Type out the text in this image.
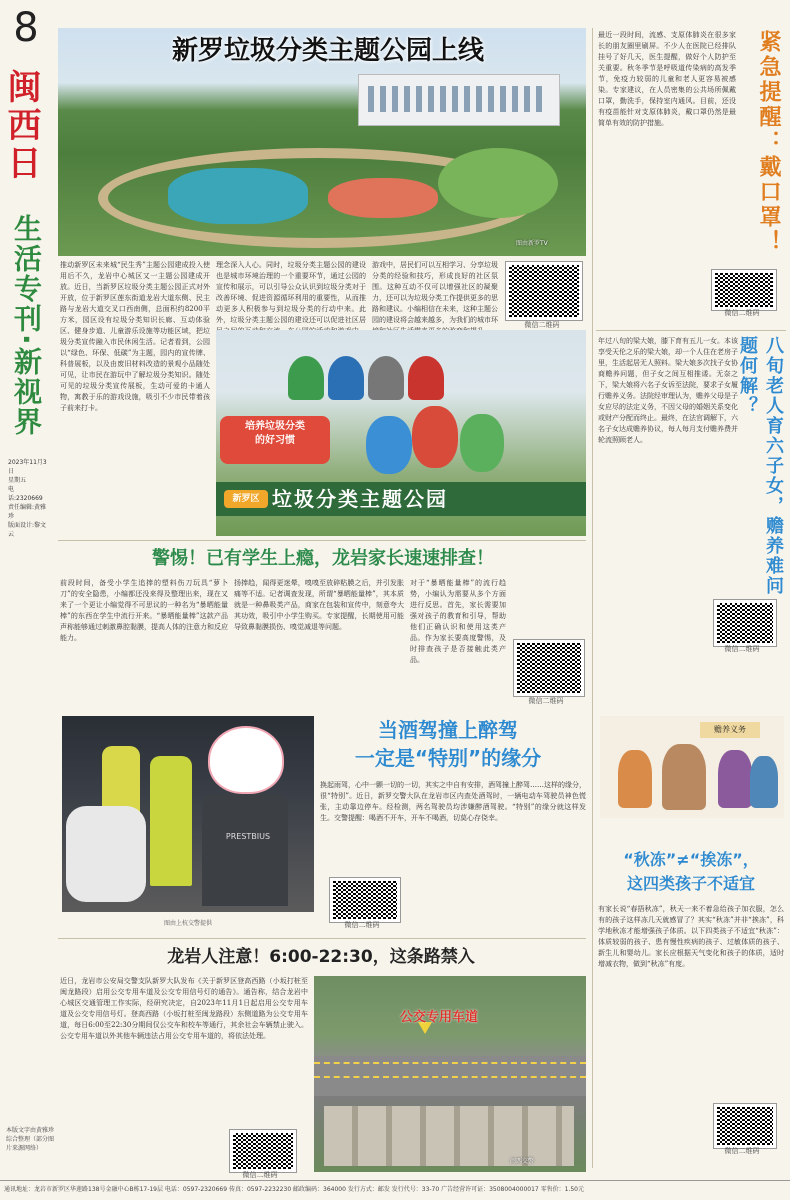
8
闽西日
生活专刊·新视界
2023年11月3日
星期五
电话:2320669
责任编辑:黄雅珍
版面设计:黎文云
新罗垃圾分类主题公园上线
图由新罗TV
推动新罗区未来城“民生秀”主题公园建成投入使用后不久，龙岩中心城区又一主题公园建成开放。近日，当新罗区垃圾分类主题公园正式对外开放，位于新罗区莲东街道龙岩大道东侧、民主路与龙岩大道交叉口西南侧，总面积约8200平方米，园区设有垃圾分类知识长廊、互动体验区、健身步道、儿童游乐设施等功能区域，把垃圾分类宣传融入市民休闲生活。记者看到，公园以“绿色、环保、低碳”为主题，园内的宣传牌、科普展板，以及由废旧材料改造的景观小品随处可见，让市民在游玩中了解垃圾分类知识。随处可见的垃圾分类宣传展板，生动可爱的卡通人物，寓教于乐的游戏设施，吸引不少市民带着孩子前来打卡。
理念深入人心。同时，垃圾分类主题公园的建设也是城市环境治理的一个重要环节，通过公园的宣传和展示，可以引导公众认识到垃圾分类对于改善环境、促进资源循环利用的重要性，从而推动更多人积极参与到垃圾分类的行动中来。此外，垃圾分类主题公园的建设还可以促进社区居
游戏中，居民们可以互相学习、分享垃圾分类的经验和技巧，形成良好的社区氛围。这种互动不仅可以增强社区的凝聚力，还可以为垃圾分类工作提供更多的思路和建议。小编相信在未来，这种主题公园的建设将会越来越多，为我们的城市环
微信二维码
培养垃圾分类
的好习惯
新罗区 垃圾分类主题公园
警惕！已有学生上瘾，龙岩家长速速排查！
前段时间，备受小学生追捧的塑料伤刀玩具“萝卜刀”的安全隐患，小编都还没来得及整理出来，现在又来了一个更让小编觉得不可思议的一种名为“暴晒能量棒”的东西在学生中流行开来。“暴晒能量棒”这款产品声称能够通过刺激鼻腔黏膜，提高人体的注意力和反应能力。
扬捧趋，闻得更迷晕，嗅嗅至放碎粘膜之后，并引发胀痛等不适。记者调查发现，所谓“暴晒能量棒”，其本质就是一种鼻吸类产品，商家在包装和宣传中，刻意夸大其功效，吸引中小学生购买。专家提醒，长期使用可能导致鼻黏膜损伤、嗅觉减退等问题。
对于“暴晒能量棒”的流行趋势，小编认为需要从多个方面进行反思。首先，家长需要加强对孩子的教育和引导，帮助他们正确认识和使用这类产品。作为家长要高度警惕，及时排查孩子是否接触此类产品。
微信二维码
PRESTBIUS
图由上杭交警提供
当酒驾撞上醉驾
一定是“特别”的缘分
换起雨驾，心中一颤一切的一切，其实之中自有安排，酒驾撞上醉驾……这样的缘分，很“特别”。近日，新罗交警大队在龙岩市区内查处酒驾时，一辆电动车驾驶员神色慌张，主动靠边停车。经检测，两名驾驶员均涉嫌醉酒驾驶。“特别”的缘分就这样发生。交警提醒：喝酒不开车，开车不喝酒，切莫心存侥幸。
微信二维码
龙岩人注意！6:00-22:30，这条路禁入
近日，龙岩市公安局交警支队新罗大队发布《关于新罗区登高西路（小坂打桩至闽龙路段）启用公交专用车道及公交专用信号灯的通告》。通告称，结合龙岩中心城区交通管理工作实际，经研究决定，自2023年11月1日起启用公交专用车道及公交专用信号灯。登高西路（小坂打桩至闽龙路段）东侧道路为公交专用车道，每日6:00至22:30分期间仅公交车和校车等通行，其余社会车辆禁止驶入。公交专用车道以外其他车辆违法占用公交专用车道的，将依法处理。
微信二维码
公交专用车道
闽西交警
最近一段时间，流感、支原体肺炎在很多家长的朋友圈里刷屏。不少人在医院已经排队挂号了好几天，医生提醒，做好个人防护至关重要。秋冬季节是呼吸道传染病的高发季节，免疫力较弱的儿童和老人更容易被感染。专家建议，在人员密集的公共场所佩戴口罩，勤洗手，保持室内通风。目前，还没有疫苗能针对支原体肺炎，戴口罩仍然是最简单有效的防护措施。	紧急提醒：戴口罩！
微信二维码
年过八旬的梁大娘，膝下育有五儿一女。本该享受天伦之乐的梁大娘，却一个人住在老房子里，生活起居无人照料。梁大娘多次找子女协商赡养问题，但子女之间互相推诿。无奈之下，梁大娘将六名子女诉至法院，要求子女履行赡养义务。法院经审理认为，赡养父母是子女应尽的法定义务，不因父母的婚姻关系变化或财产分配而终止。最终，在法官调解下，六名子女达成赡养协议，每人每月支付赡养费并轮流照顾老人。	八旬老人育六子女，赡养难问题何解？
微信二维码
赡养义务
“秋冻”≠“挨冻”，
这四类孩子不适宜
有家长说“春捂秋冻”，秋天一来不着急给孩子加衣服，怎么有的孩子这样冻几天就感冒了？其实“秋冻”并非“挨冻”，科学地秋冻才能增强孩子体质。以下四类孩子不适宜“秋冻”：体质较弱的孩子、患有慢性疾病的孩子、过敏体质的孩子、新生儿和婴幼儿。家长应根据天气变化和孩子的体质，适时增减衣物，做到“秋冻”有度。
微信二维码
本版文字由黄雅珍综合整理（部分图片来源网络）
通讯地址：龙岩市新罗区华莲路138号金融中心B栋17-19层 电话：0597-2320669 传真：0597-2232230 邮政编码：364000 发行方式：邮发 发行代号：33-70 广告经营许可证：3508004000017 零售价：1.50元
